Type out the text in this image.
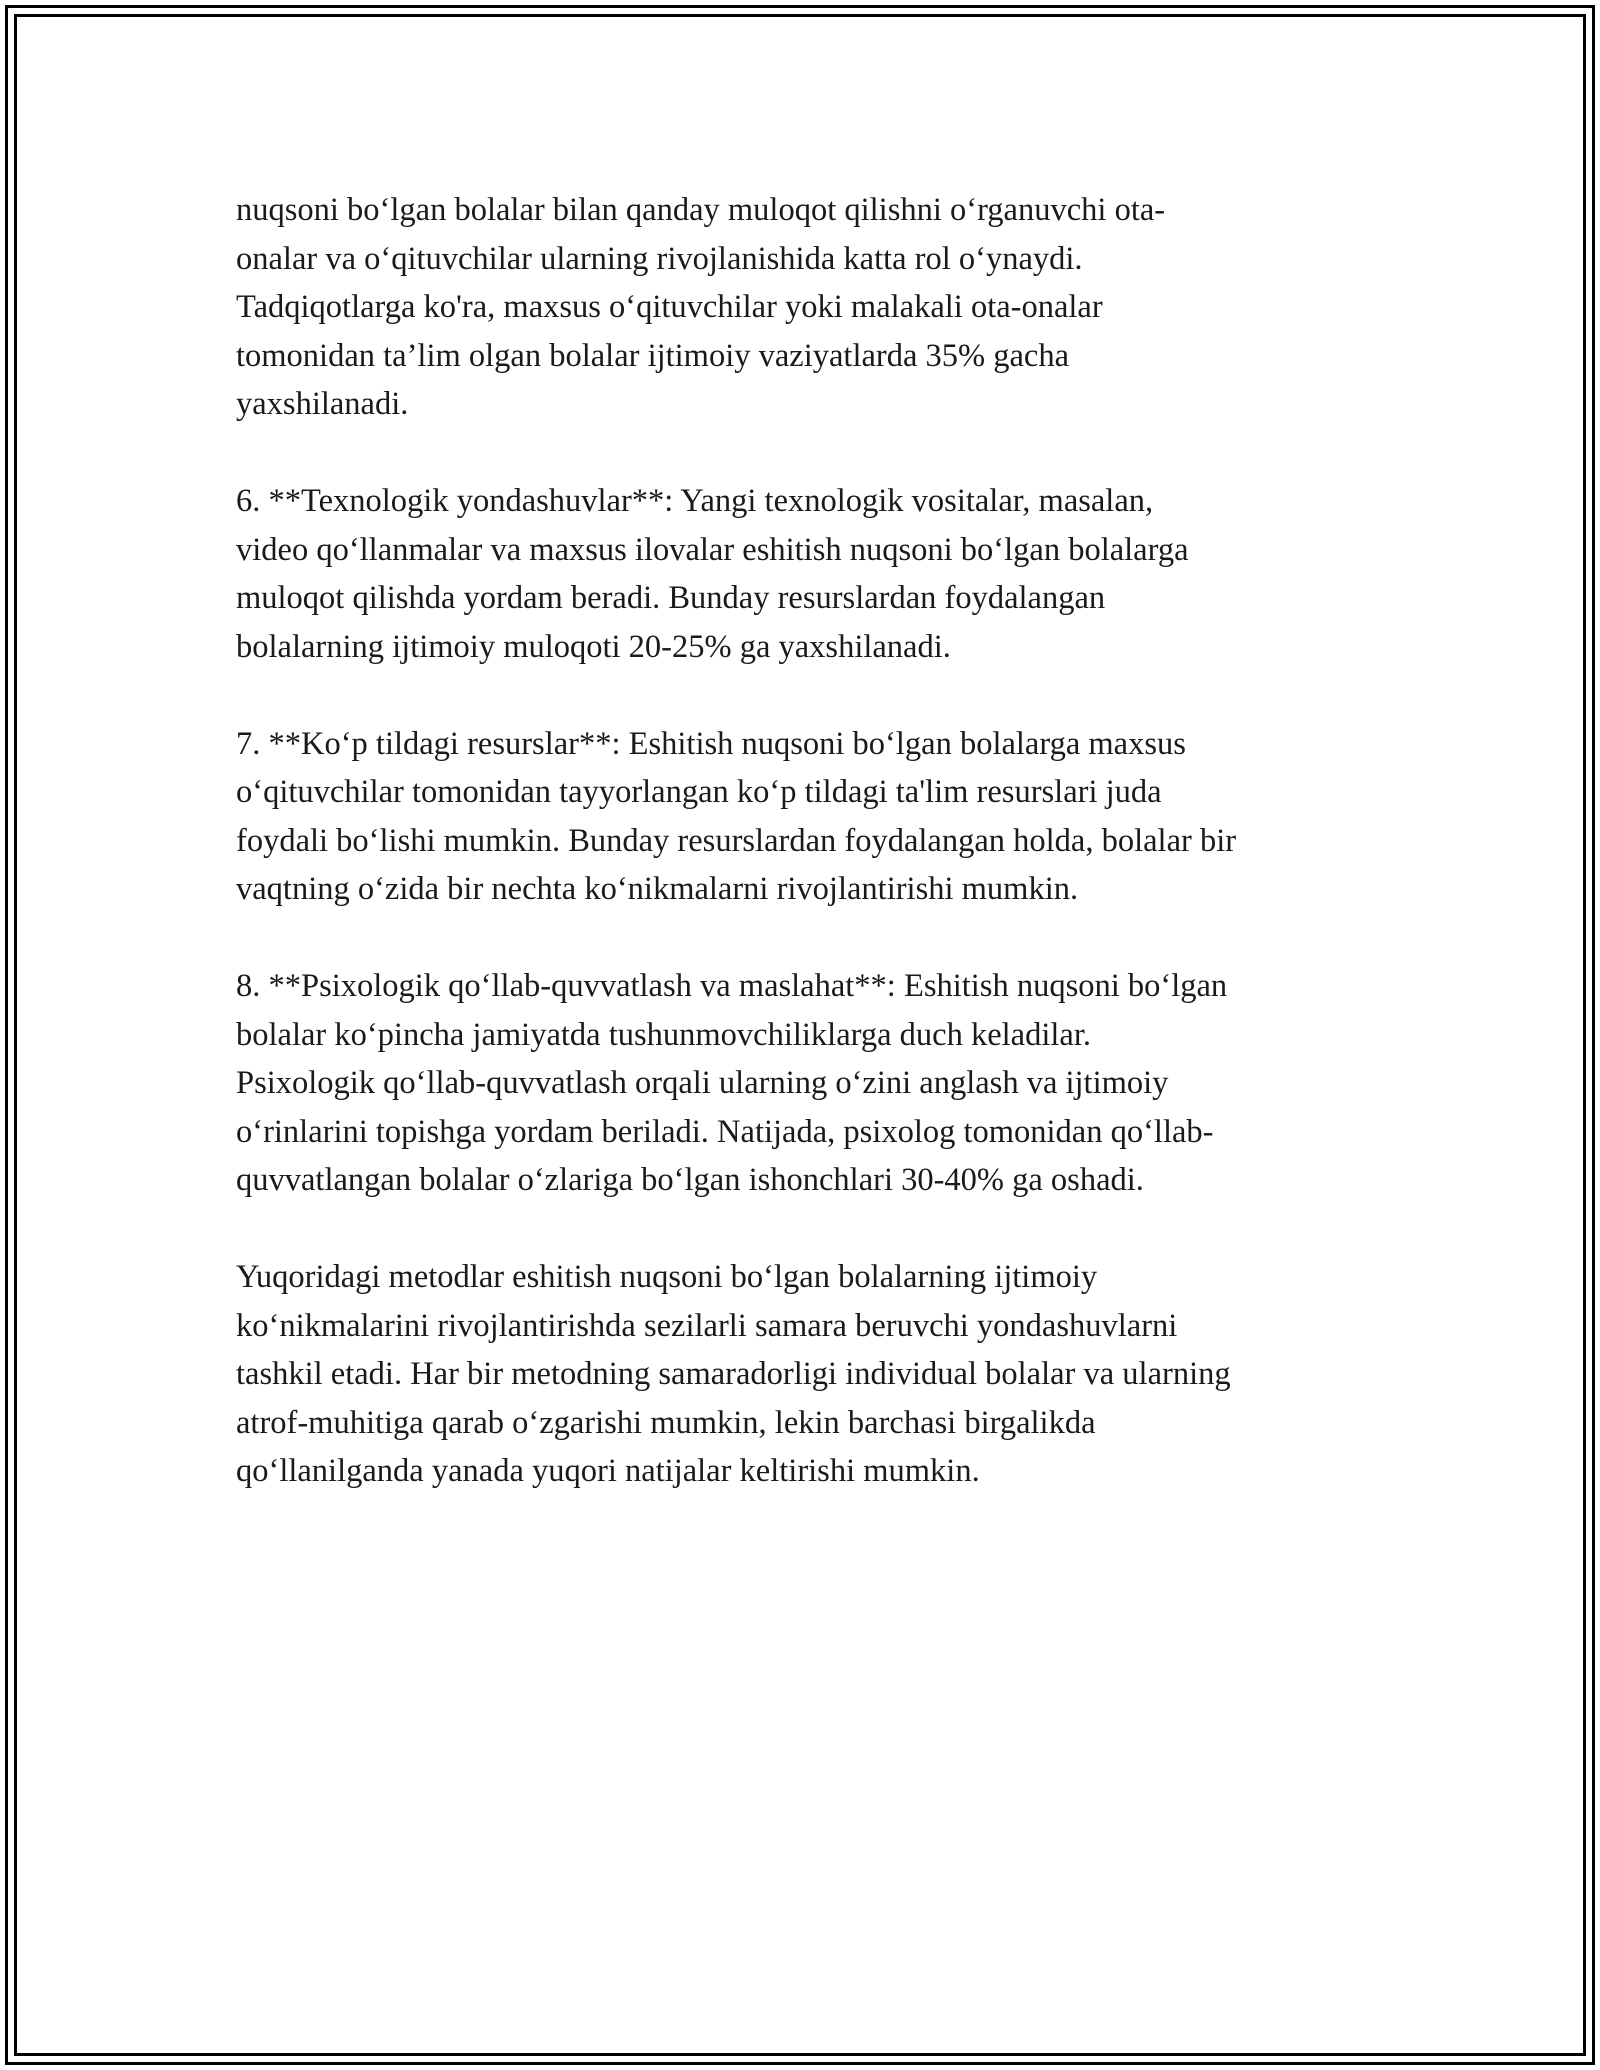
nuqsoni boʻlgan bolalar bilan qanday muloqot qilishni oʻrganuvchi ota-
onalar va oʻqituvchilar ularning rivojlanishida katta rol oʻynaydi.
Tadqiqotlarga ko'ra, maxsus oʻqituvchilar yoki malakali ota-onalar
tomonidan ta’lim olgan bolalar ijtimoiy vaziyatlarda 35% gacha
yaxshilanadi.

6. **Texnologik yondashuvlar**: Yangi texnologik vositalar, masalan,
video qoʻllanmalar va maxsus ilovalar eshitish nuqsoni boʻlgan bolalarga
muloqot qilishda yordam beradi. Bunday resurslardan foydalangan
bolalarning ijtimoiy muloqoti 20-25% ga yaxshilanadi.

7. **Koʻp tildagi resurslar**: Eshitish nuqsoni boʻlgan bolalarga maxsus
oʻqituvchilar tomonidan tayyorlangan koʻp tildagi ta'lim resurslari juda
foydali boʻlishi mumkin. Bunday resurslardan foydalangan holda, bolalar bir
vaqtning oʻzida bir nechta koʻnikmalarni rivojlantirishi mumkin.

8. **Psixologik qoʻllab-quvvatlash va maslahat**: Eshitish nuqsoni boʻlgan
bolalar koʻpincha jamiyatda tushunmovchiliklarga duch keladilar.
Psixologik qoʻllab-quvvatlash orqali ularning oʻzini anglash va ijtimoiy
oʻrinlarini topishga yordam beriladi. Natijada, psixolog tomonidan qoʻllab-
quvvatlangan bolalar oʻzlariga boʻlgan ishonchlari 30-40% ga oshadi.

Yuqoridagi metodlar eshitish nuqsoni boʻlgan bolalarning ijtimoiy
koʻnikmalarini rivojlantirishda sezilarli samara beruvchi yondashuvlarni
tashkil etadi. Har bir metodning samaradorligi individual bolalar va ularning
atrof-muhitiga qarab oʻzgarishi mumkin, lekin barchasi birgalikda
qoʻllanilganda yanada yuqori natijalar keltirishi mumkin.
